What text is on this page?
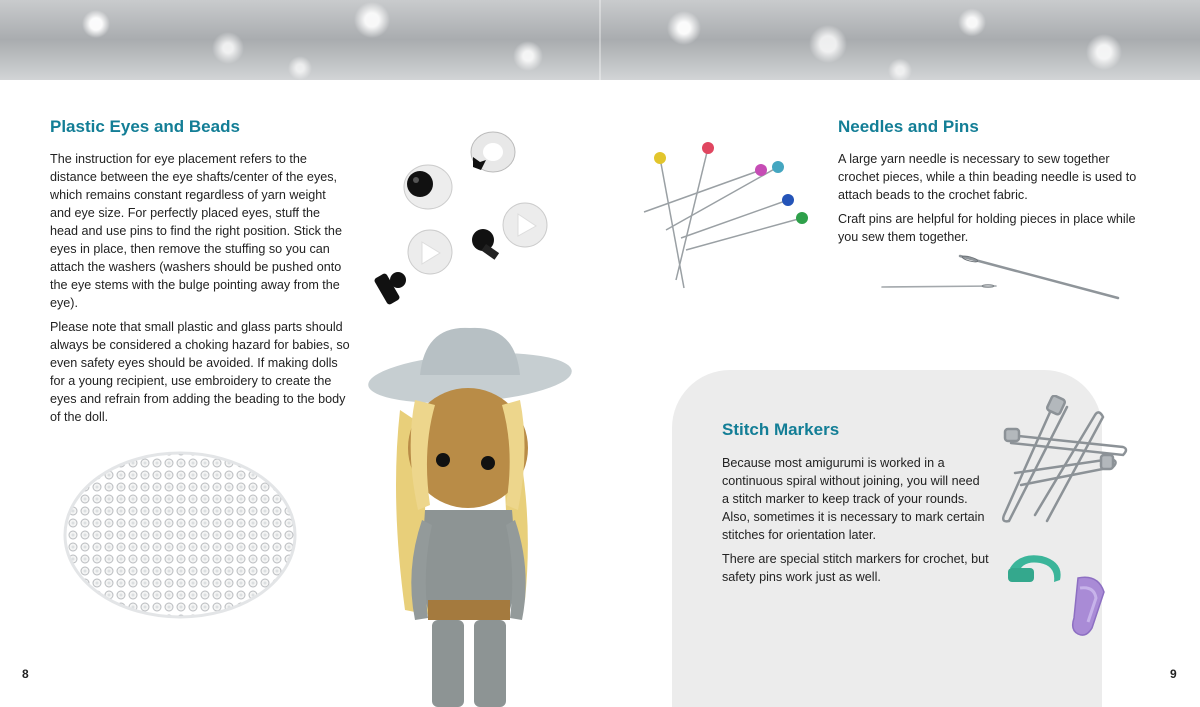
Plastic Eyes and Beads

The instruction for eye placement refers to the distance between the eye shafts/center of the eyes, which remains constant regardless of yarn weight and eye size. For perfectly placed eyes, stuff the head and use pins to find the right position. Stick the eyes in place, then remove the stuffing so you can attach the washers (washers should be pushed onto the eye stems with the bulge pointing away from the eye).

Please note that small plastic and glass parts should always be considered a choking hazard for babies, so even safety eyes should be avoided. If making dolls for a young recipient, use embroidery to create the eyes and refrain from adding the beading to the body of the doll.

8
Needles and Pins

A large yarn needle is necessary to sew together crochet pieces, while a thin beading needle is used to attach beads to the crochet fabric.

Craft pins are helpful for holding pieces in place while you sew them together.

Stitch Markers

Because most amigurumi is worked in a continuous spiral without joining, you will need a stitch marker to keep track of your rounds. Also, sometimes it is necessary to mark certain stitches for orientation later.

There are special stitch markers for crochet, but safety pins work just as well.

9
